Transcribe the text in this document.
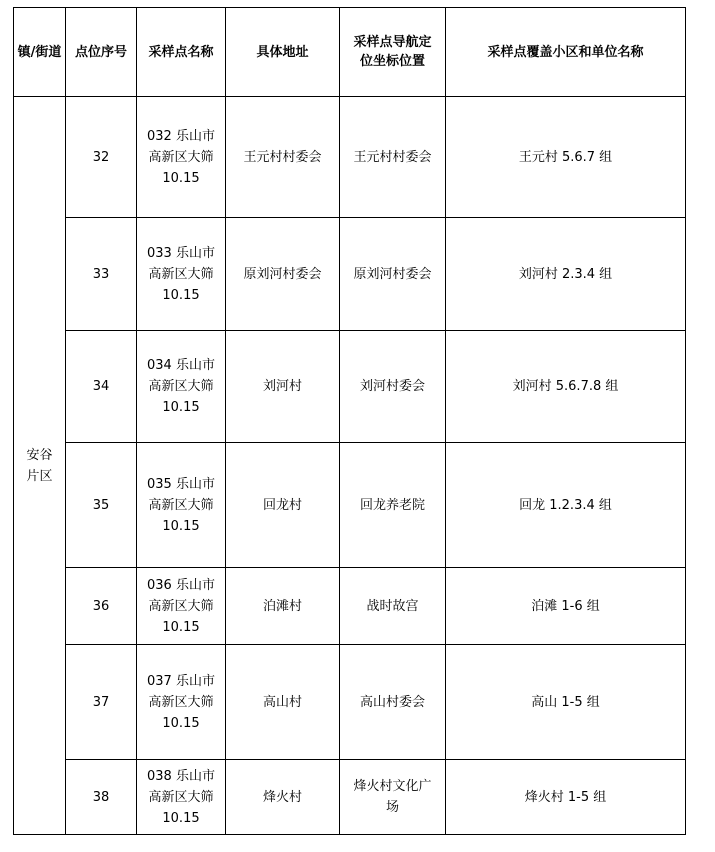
镇/街道	点位序号	采样点名称	具体地址	采样点导航定位坐标位置	采样点覆盖小区和单位名称
安谷片区	32	032 乐山市
高新区大筛
10.15	王元村村委会	王元村村委会	王元村 5.6.7 组
	33	033 乐山市
高新区大筛
10.15	原刘河村委会	原刘河村委会	刘河村 2.3.4 组
	34	034 乐山市
高新区大筛
10.15	刘河村	刘河村委会	刘河村 5.6.7.8 组
	35	035 乐山市
高新区大筛
10.15	回龙村	回龙养老院	回龙 1.2.3.4 组
	36	036 乐山市
高新区大筛
10.15	泊滩村	战时故宫	泊滩 1-6 组
	37	037 乐山市
高新区大筛
10.15	高山村	高山村委会	高山 1-5 组
	38	038 乐山市
高新区大筛
10.15	烽火村	烽火村文化广场	烽火村 1-5 组
